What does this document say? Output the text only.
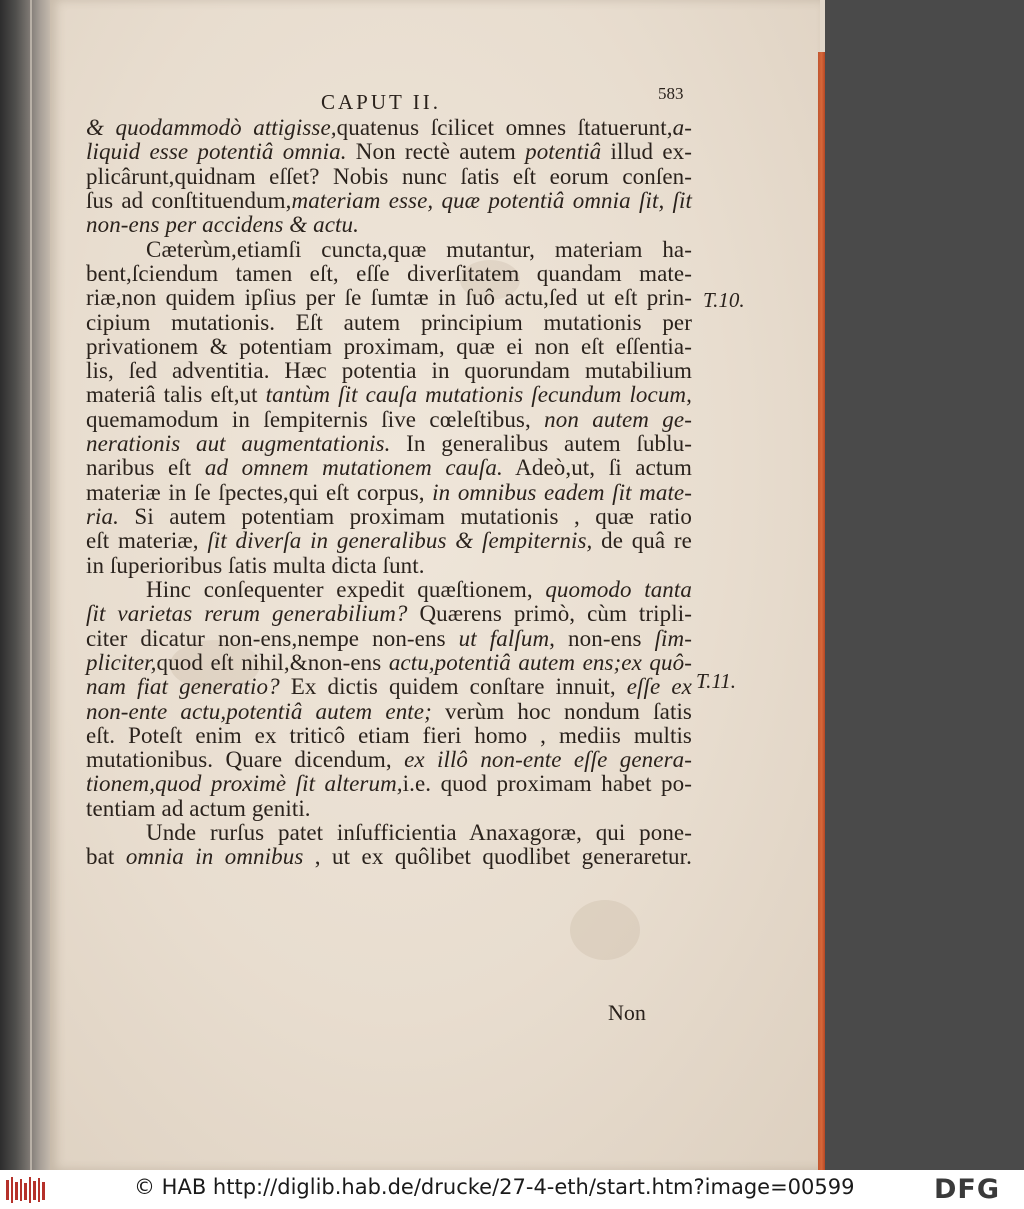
CAPUT II.	583
& quodammodò attigisse,quatenus ſcilicet omnes ſtatuerunt,a-
liquid esse potentiâ omnia. Non rectè autem potentiâ illud ex-
plicârunt,quidnam eſſet? Nobis nunc ſatis eſt eorum conſen-
ſus ad conſtituendum,materiam esse, quæ potentiâ omnia ſit, ſit
non-ens per accidens & actu.
Cæterùm,etiamſi cuncta,quæ mutantur, materiam ha-
bent,ſciendum tamen eſt, eſſe diverſitatem quandam mate-
riæ,non quidem ipſius per ſe ſumtæ in ſuô actu,ſed ut eſt prin-
cipium mutationis. Eſt autem principium mutationis per
privationem & potentiam proximam, quæ ei non eſt eſſentia-
lis, ſed adventitia. Hæc potentia in quorundam mutabilium
materiâ talis eſt,ut tantùm ſit cauſa mutationis ſecundum locum,
quemamodum in ſempiternis ſive cœleſtibus, non autem ge-
nerationis aut augmentationis. In generalibus autem ſublu-
naribus eſt ad omnem mutationem cauſa. Adeò,ut, ſi actum
materiæ in ſe ſpectes,qui eſt corpus, in omnibus eadem ſit mate-
ria. Si autem potentiam proximam mutationis , quæ ratio
eſt materiæ, ſit diverſa in generalibus & ſempiternis, de quâ re
in ſuperioribus ſatis multa dicta ſunt.
Hinc conſequenter expedit quæſtionem, quomodo tanta
ſit varietas rerum generabilium? Quærens primò, cùm tripli-
citer dicatur non-ens,nempe non-ens ut falſum, non-ens ſim-
pliciter,quod eſt nihil,&non-ens actu,potentiâ autem ens;ex quô-
nam fiat generatio? Ex dictis quidem conſtare innuit, eſſe ex
non-ente actu,potentiâ autem ente; verùm hoc nondum ſatis
eſt. Poteſt enim ex triticô etiam fieri homo , mediis multis
mutationibus. Quare dicendum, ex illô non-ente eſſe genera-
tionem,quod proximè ſit alterum,i.e. quod proximam habet po-
tentiam ad actum geniti.
Unde rurſus patet inſufficientia Anaxagoræ, qui pone-
bat omnia in omnibus , ut ex quôlibet quodlibet generaretur.
Non
T.10.
T.11.
© HAB http://diglib.hab.de/drucke/27-4-eth/start.htm?image=00599	DFG
